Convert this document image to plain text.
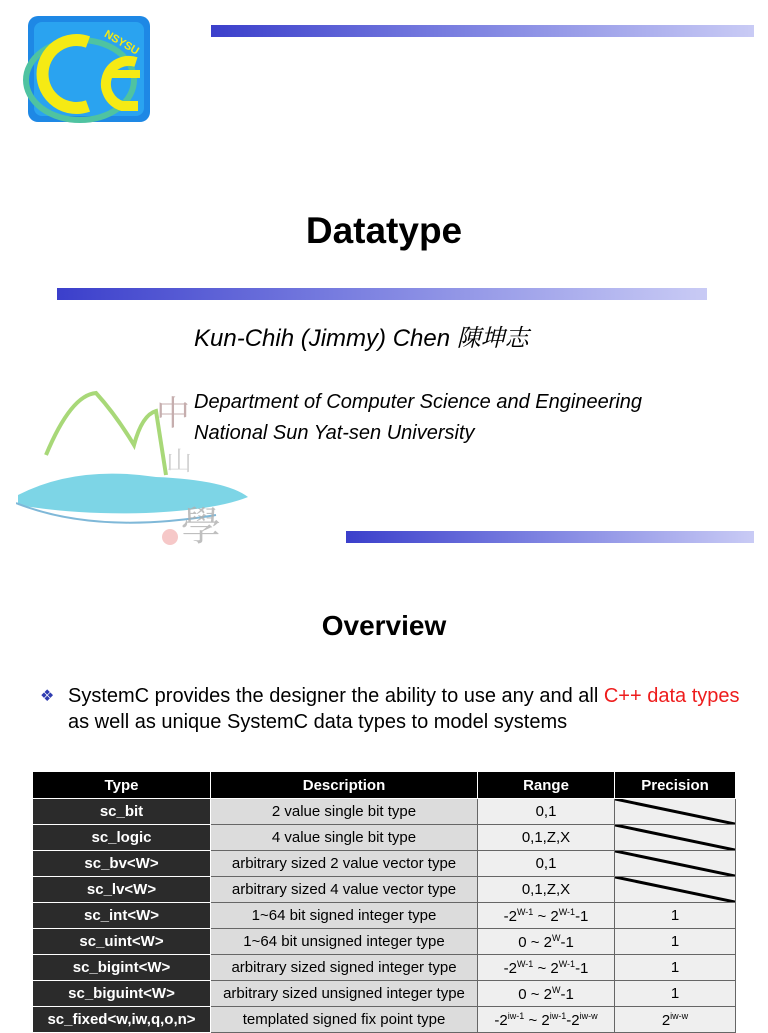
NSYSU
Datatype
Kun-Chih (Jimmy) Chen 陳坤志
中
山
學
Department of Computer Science and Engineering
National Sun Yat-sen University
Overview
❖ SystemC provides the designer the ability to use any and all C++ data types as well as unique SystemC data types to model systems
Type	Description	Range	Precision
sc_bit	2 value single bit type	0,1	

sc_logic	4 value single bit type	0,1,Z,X	

sc_bv<W>	arbitrary sized 2 value vector type	0,1	

sc_lv<W>	arbitrary sized 4 value vector type	0,1,Z,X	

sc_int<W>	1~64 bit signed integer type	$-2^{W-1}$ ~ $2^{W-1}-1$	1
sc_uint<W>	1~64 bit unsigned integer type	0 ~ $2^W-1$	1
sc_bigint<W>	arbitrary sized signed integer type	$-2^{W-1}$ ~ $2^{W-1}-1$	1
sc_biguint<W>	arbitrary sized unsigned integer type	0 ~ $2^W-1$	1
sc_fixed<w,iw,q,o,n>	templated signed fix point type	$-2^{iw-1}$ ~ $2^{iw-1}-2^{iw-w}$	$2^{iw-w}$
